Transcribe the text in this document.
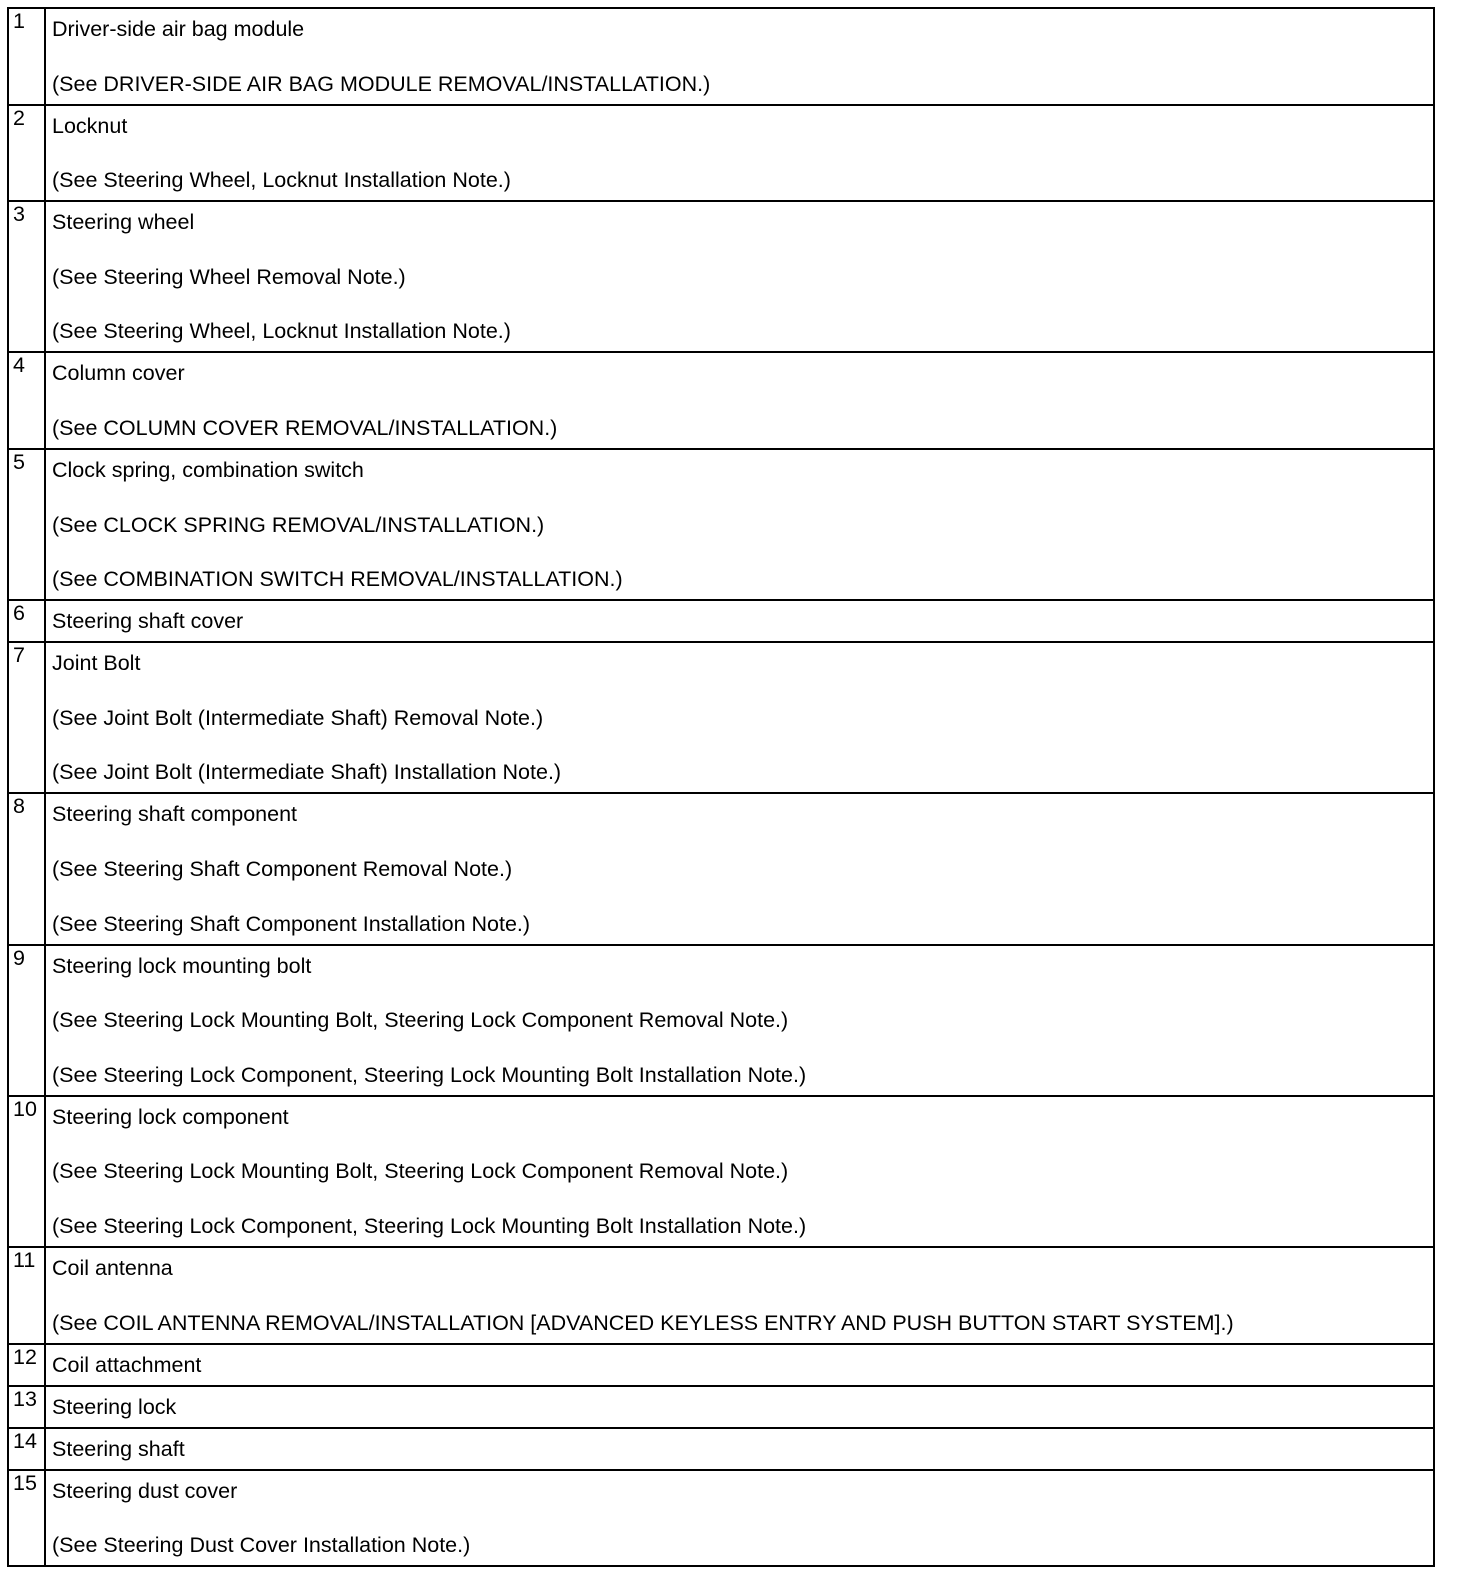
1	Driver-side air bag module
(See DRIVER-SIDE AIR BAG MODULE REMOVAL/INSTALLATION.)

2	Locknut
(See Steering Wheel, Locknut Installation Note.)

3	Steering wheel
(See Steering Wheel Removal Note.)
(See Steering Wheel, Locknut Installation Note.)

4	Column cover
(See COLUMN COVER REMOVAL/INSTALLATION.)

5	Clock spring, combination switch
(See CLOCK SPRING REMOVAL/INSTALLATION.)
(See COMBINATION SWITCH REMOVAL/INSTALLATION.)

6	Steering shaft cover

7	Joint Bolt
(See Joint Bolt (Intermediate Shaft) Removal Note.)
(See Joint Bolt (Intermediate Shaft) Installation Note.)

8	Steering shaft component
(See Steering Shaft Component Removal Note.)
(See Steering Shaft Component Installation Note.)

9	Steering lock mounting bolt
(See Steering Lock Mounting Bolt, Steering Lock Component Removal Note.)
(See Steering Lock Component, Steering Lock Mounting Bolt Installation Note.)

10	Steering lock component
(See Steering Lock Mounting Bolt, Steering Lock Component Removal Note.)
(See Steering Lock Component, Steering Lock Mounting Bolt Installation Note.)

11	Coil antenna
(See COIL ANTENNA REMOVAL/INSTALLATION [ADVANCED KEYLESS ENTRY AND PUSH BUTTON START SYSTEM].)

12	Coil attachment

13	Steering lock

14	Steering shaft

15	Steering dust cover
(See Steering Dust Cover Installation Note.)
